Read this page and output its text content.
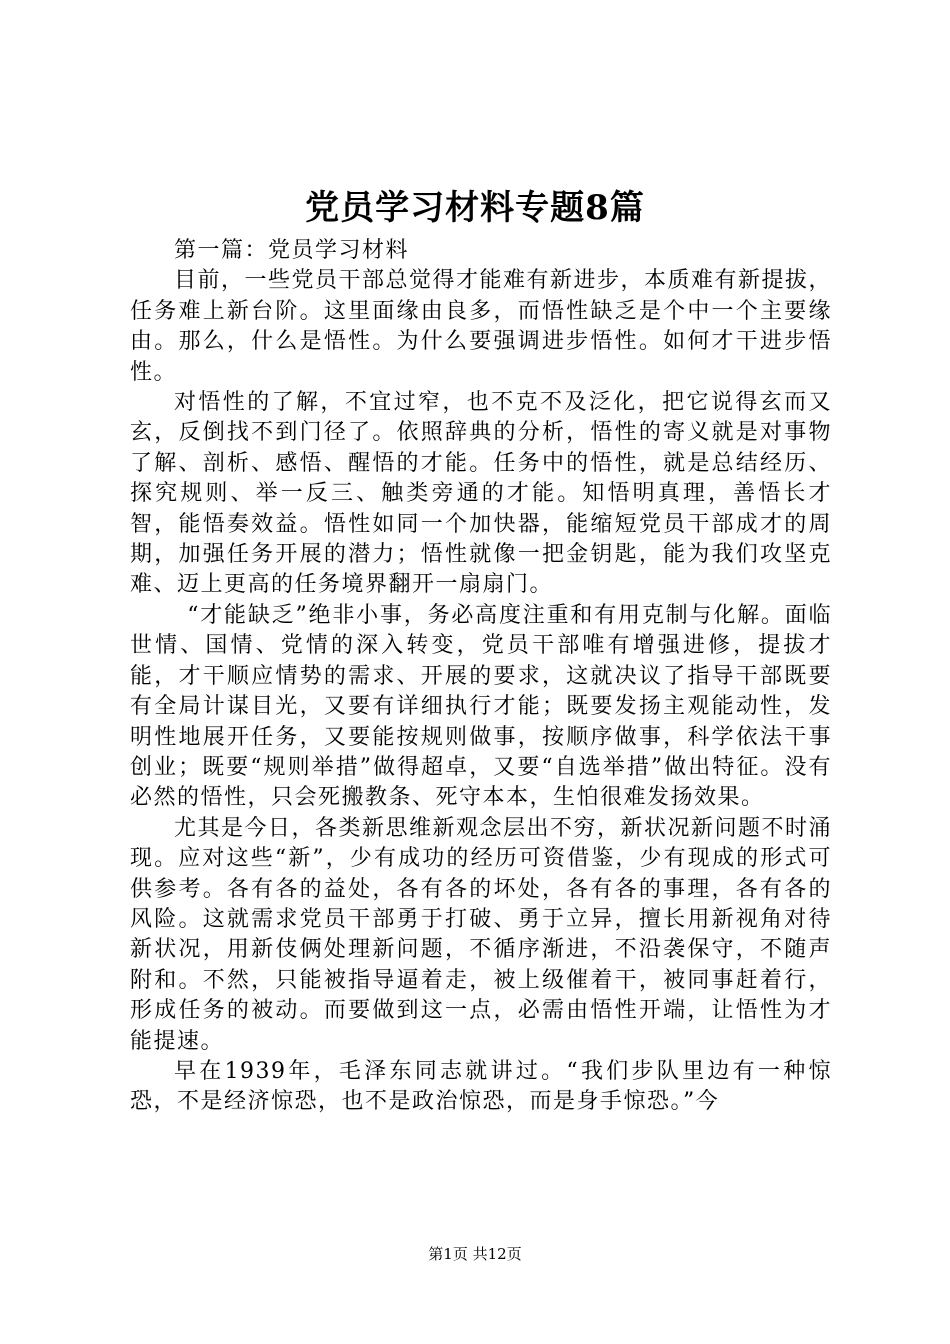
党员学习材料专题8篇

第一篇：党员学习材料

目前，一些党员干部总觉得才能难有新进步，本质难有新提拔，任务难上新台阶。这里面缘由良多，而悟性缺乏是个中一个主要缘由。那么，什么是悟性。为什么要强调进步悟性。如何才干进步悟性。

对悟性的了解，不宜过窄，也不克不及泛化，把它说得玄而又玄，反倒找不到门径了。依照辞典的分析，悟性的寄义就是对事物了解、剖析、感悟、醒悟的才能。任务中的悟性，就是总结经历、探究规则、举一反三、触类旁通的才能。知悟明真理，善悟长才智，能悟奏效益。悟性如同一个加快器，能缩短党员干部成才的周期，加强任务开展的潜力；悟性就像一把金钥匙，能为我们攻坚克难、迈上更高的任务境界翻开一扇扇门。

“才能缺乏”绝非小事，务必高度注重和有用克制与化解。面临世情、国情、党情的深入转变，党员干部唯有增强进修，提拔才能，才干顺应情势的需求、开展的要求，这就决议了指导干部既要有全局计谋目光，又要有详细执行才能；既要发扬主观能动性，发明性地展开任务，又要能按规则做事，按顺序做事，科学依法干事创业；既要“规则举措”做得超卓，又要“自选举措”做出特征。没有必然的悟性，只会死搬教条、死守本本，生怕很难发扬效果。

尤其是今日，各类新思维新观念层出不穷，新状况新问题不时涌现。应对这些“新”，少有成功的经历可资借鉴，少有现成的形式可供参考。各有各的益处，各有各的坏处，各有各的事理，各有各的风险。这就需求党员干部勇于打破、勇于立异，擅长用新视角对待新状况，用新伎俩处理新问题，不循序渐进，不沿袭保守，不随声附和。不然，只能被指导逼着走，被上级催着干，被同事赶着行，形成任务的被动。而要做到这一点，必需由悟性开端，让悟性为才能提速。

早在1939年，毛泽东同志就讲过。“我们步队里边有一种惊恐，不是经济惊恐，也不是政治惊恐，而是身手惊恐。”今

第1页 共12页
